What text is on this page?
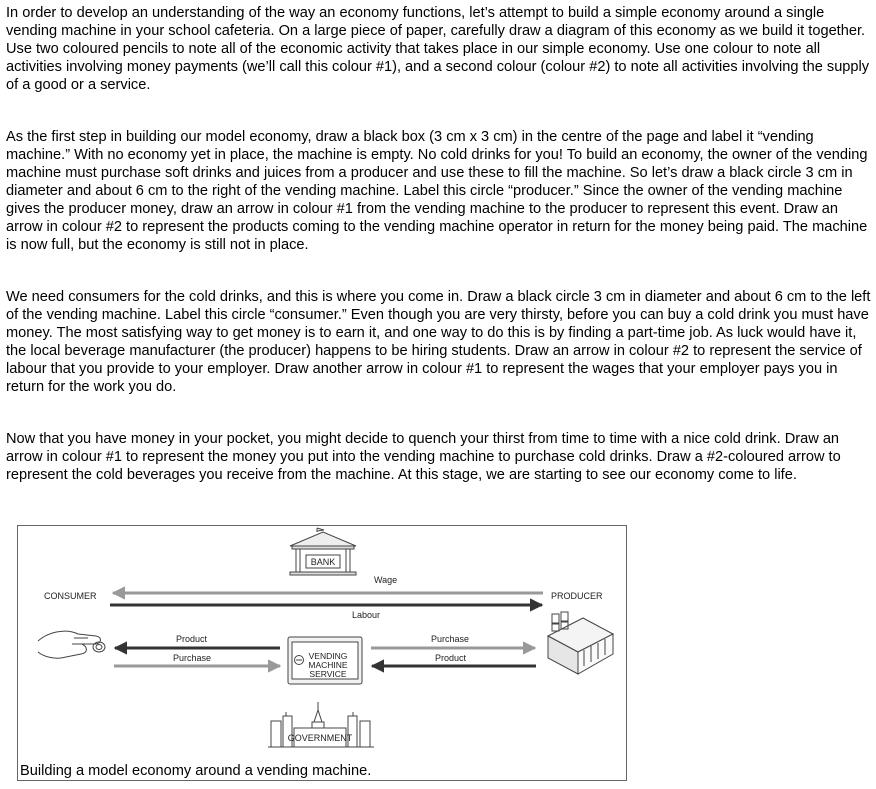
In order to develop an understanding of the way an economy functions, let’s attempt to build a simple economy around a single vending machine in your school cafeteria. On a large piece of paper, carefully draw a diagram of this economy as we build it together. Use two coloured pencils to note all of the economic activity that takes place in our simple economy. Use one colour to note all activities involving money payments (we’ll call this colour #1), and a second colour (colour #2) to note all activities involving the supply of a good or a service.

As the first step in building our model economy, draw a black box (3 cm x 3 cm) in the centre of the page and label it “vending machine.” With no economy yet in place, the machine is empty. No cold drinks for you! To build an economy, the owner of the vending machine must purchase soft drinks and juices from a producer and use these to fill the machine. So let’s draw a black circle 3 cm in diameter and about 6 cm to the right of the vending machine. Label this circle “producer.” Since the owner of the vending machine gives the producer money, draw an arrow in colour #1 from the vending machine to the producer to represent this event. Draw an arrow in colour #2 to represent the products coming to the vending machine operator in return for the money being paid. The machine is now full, but the economy is still not in place.

We need consumers for the cold drinks, and this is where you come in. Draw a black circle 3 cm in diameter and about 6 cm to the left of the vending machine. Label this circle “consumer.” Even though you are very thirsty, before you can buy a cold drink you must have money. The most satisfying way to get money is to earn it, and one way to do this is by finding a part-time job. As luck would have it, the local beverage manufacturer (the producer) happens to be hiring students. Draw an arrow in colour #2 to represent the service of labour that you provide to your employer. Draw another arrow in colour #1 to represent the wages that your employer pays you in return for the work you do.

Now that you have money in your pocket, you might decide to quench your thirst from time to time with a nice cold drink. Draw an arrow in colour #1 to represent the money you put into the vending machine to purchase cold drinks. Draw a #2-coloured arrow to represent the cold beverages you receive from the machine. At this stage, we are starting to see our economy come to life.

BANK
CONSUMER	PRODUCER
Wage
Labour
Product
Purchase	VENDING
MACHINE
SERVICE
Purchase
Product
GOVERNMENT
Building a model economy around a vending machine.
